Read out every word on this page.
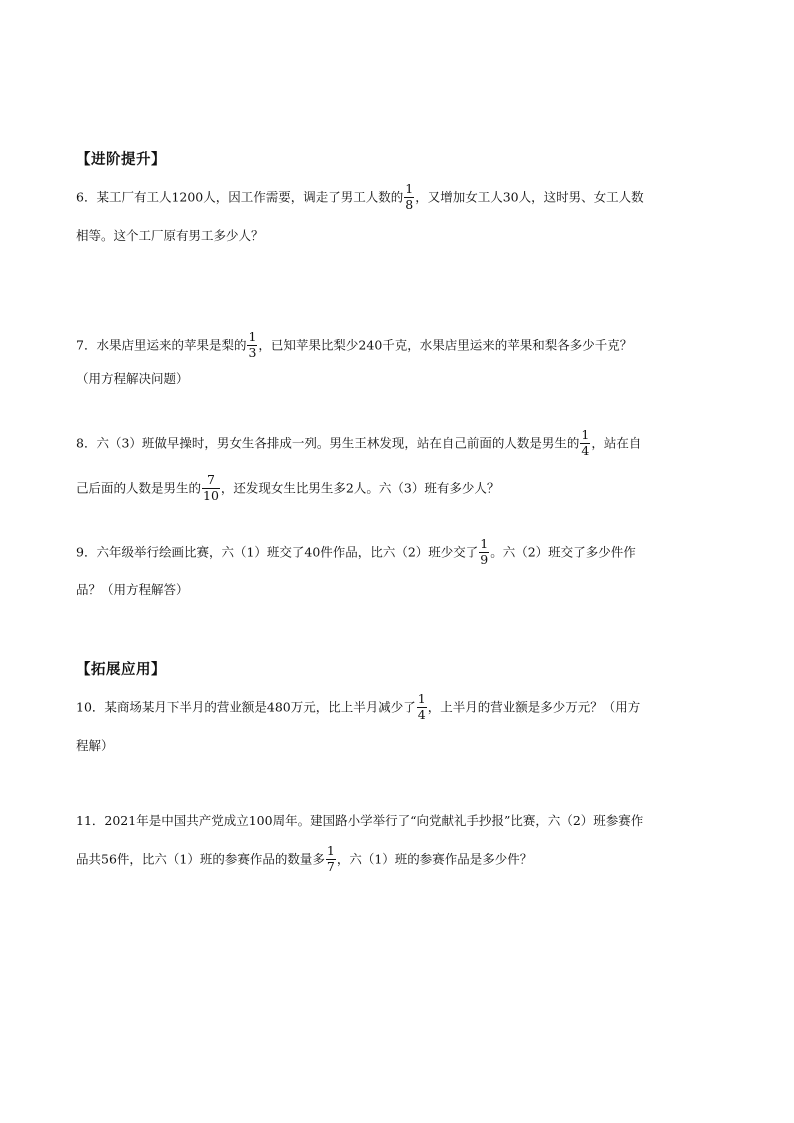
【进阶提升】
6．某工厂有工人1200人，因工作需要，调走了男工人数的 $\frac{1}{8}$ ，又增加女工人30人，这时男、女工人数
相等。这个工厂原有男工多少人？
7．水果店里运来的苹果是梨的 $\frac{1}{3}$ ，已知苹果比梨少240千克，水果店里运来的苹果和梨各多少千克？
（用方程解决问题）
8．六（3）班做早操时，男女生各排成一列。男生王林发现，站在自己前面的人数是男生的 $\frac{1}{4}$ ，站在自
己后面的人数是男生的 $\frac{7}{10}$ ，还发现女生比男生多2人。六（3）班有多少人？
9．六年级举行绘画比赛，六（1）班交了40件作品，比六（2）班少交了 $\frac{1}{9}$ 。六（2）班交了多少件作
品？（用方程解答）
【拓展应用】
10．某商场某月下半月的营业额是480万元，比上半月减少了 $\frac{1}{4}$ ，上半月的营业额是多少万元？（用方
程解）
11．2021年是中国共产党成立100周年。建国路小学举行了“向党献礼手抄报”比赛，六（2）班参赛作
品共56件，比六（1）班的参赛作品的数量多 $\frac{1}{7}$ ，六（1）班的参赛作品是多少件？
